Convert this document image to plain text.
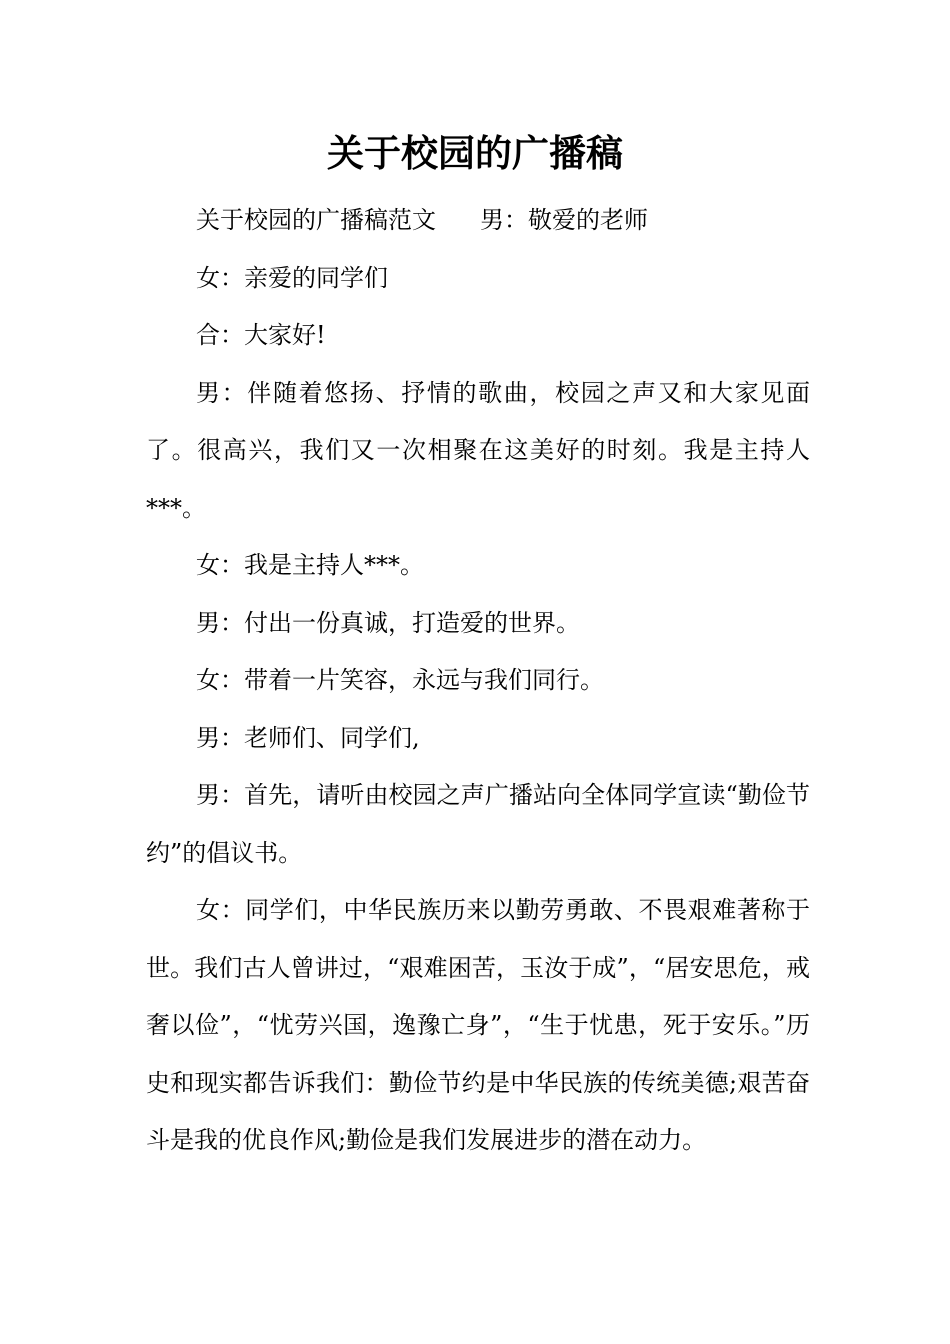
关于校园的广播稿

关于校园的广播稿范文 男：敬爱的老师

女：亲爱的同学们

合：大家好!

男：伴随着悠扬、抒情的歌曲，校园之声又和大家见面了。很高兴，我们又一次相聚在这美好的时刻。我是主持人***。

女：我是主持人***。

男：付出一份真诚，打造爱的世界。

女：带着一片笑容，永远与我们同行。

男：老师们、同学们,

男：首先，请听由校园之声广播站向全体同学宣读“勤俭节约”的倡议书。

女：同学们，中华民族历来以勤劳勇敢、不畏艰难著称于世。我们古人曾讲过，“艰难困苦，玉汝于成”，“居安思危，戒奢以俭”，“忧劳兴国，逸豫亡身”，“生于忧患，死于安乐。”历史和现实都告诉我们：勤俭节约是中华民族的传统美德;艰苦奋斗是我的优良作风;勤俭是我们发展进步的潜在动力。
